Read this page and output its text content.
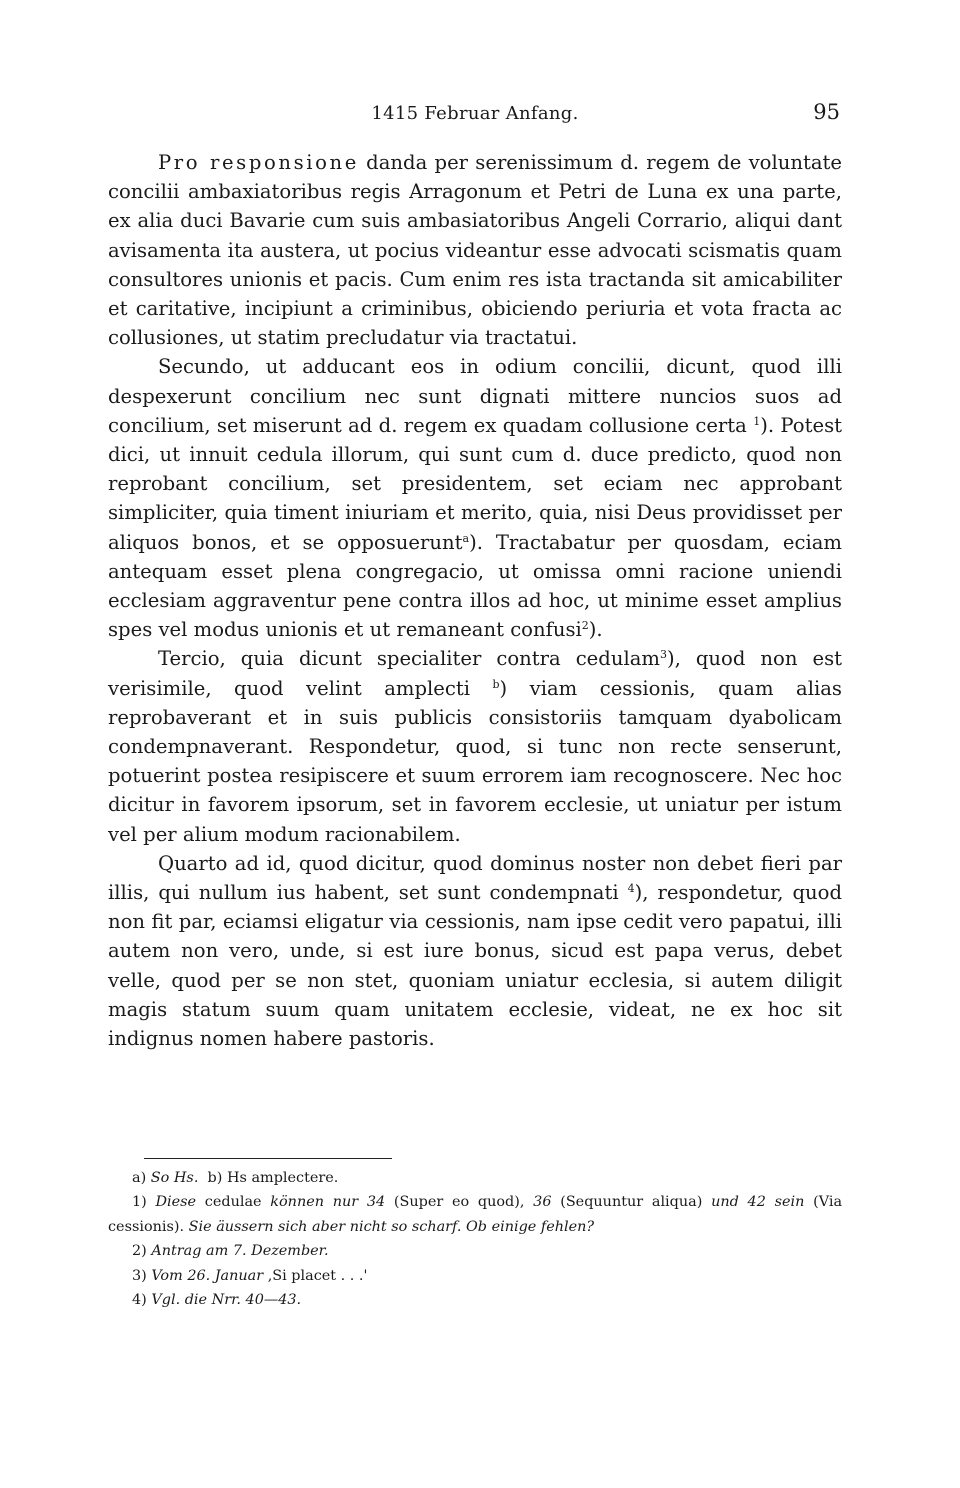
1415 Februar Anfang.	95

Pro responsione danda per serenissimum d. regem de voluntate concilii ambaxiatoribus regis Arragonum et Petri de Luna ex una parte, ex alia duci Bavarie cum suis ambasiatoribus Angeli Corrario, aliqui dant avisamenta ita austera, ut pocius videantur esse advocati scismatis quam consultores unionis et pacis. Cum enim res ista tractanda sit amicabiliter et caritative, incipiunt a criminibus, obiciendo periuria et vota fracta ac collusiones, ut statim precludatur via tractatui.

Secundo, ut adducant eos in odium concilii, dicunt, quod illi despexerunt concilium nec sunt dignati mittere nuncios suos ad concilium, set miserunt ad d. regem ex quadam collusione certa $^1$). Potest dici, ut innuit cedula illorum, qui sunt cum d. duce predicto, quod non reprobant concilium, set presidentem, set eciam nec approbant simpliciter, quia timent iniuriam et merito, quia, nisi Deus providisset per aliquos bonos, et se opposuerunt$^a$). Tractabatur per quosdam, eciam antequam esset plena congregacio, ut omissa omni racione uniendi ecclesiam aggraventur pene contra illos ad hoc, ut minime esset amplius spes vel modus unionis et ut remaneant confusi$^2$).

Tercio, quia dicunt specialiter contra cedulam$^3$), quod non est verisimile, quod velint amplecti $^b$) viam cessionis, quam alias reprobaverant et in suis publicis consistoriis tamquam dyabolicam condempnaverant. Respondetur, quod, si tunc non recte senserunt, potuerint postea resipiscere et suum errorem iam recognoscere. Nec hoc dicitur in favorem ipsorum, set in favorem ecclesie, ut uniatur per istum vel per alium modum racionabilem.

Quarto ad id, quod dicitur, quod dominus noster non debet fieri par illis, qui nullum ius habent, set sunt condempnati $^4$), respondetur, quod non fit par, eciamsi eligatur via cessionis, nam ipse cedit vero papatui, illi autem non vero, unde, si est iure bonus, sicud est papa verus, debet velle, quod per se non stet, quoniam uniatur ecclesia, si autem diligit magis statum suum quam unitatem ecclesie, videat, ne ex hoc sit indignus nomen habere pastoris.

a) So Hs. b) Hs amplectere.

1) Diese cedulae können nur 34 (Super eo quod), 36 (Sequuntur aliqua) und 42 sein (Via cessionis). Sie äussern sich aber nicht so scharf. Ob einige fehlen?

2) Antrag am 7. Dezember.

3) Vom 26. Januar ,Si placet . . .'

4) Vgl. die Nrr. 40—43.
